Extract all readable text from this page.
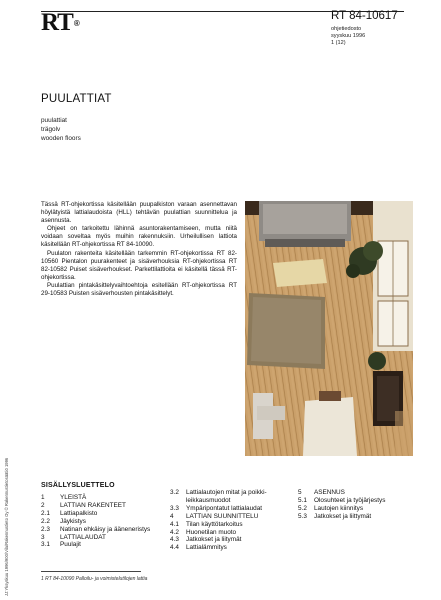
RT®
RT 84-10617
ohjetiedosto
syyskuu 1996
1 (12)
PUULATTIAT
puulattiat
trägolv
wooden floors

Tässä RT-ohjekortissa käsitellään puupalkiston varaan asennettavan höylätyistä lattialaudoista (HLL) tehtävän puulattian suunnittelua ja asennusta.

Ohjeet on tarkoitettu lähinnä asuntorakentamiseen, mutta niitä voidaan soveltaa myös muihin rakennuksiin. Urheilullisen lattiota käsitellään RT-ohjekortissa RT 84-10090.

Puulaton rakenteita käsitellään tarkemmin RT-ohjekortissa RT 82-10560 Pientalon puurakenteet ja sisäverhouksia RT-ohjekortissa RT 82-10582 Puiset sisäverhoukset. Parkettilattioita ei käsitellä tässä RT-ohjekortissa.

Puulattian pintakäsittelyvaihtoehtoja esitellään RT-ohjekortissa RT 29-10583 Puisten sisäverhousten pintakäsittelyt.

SISÄLLYSLUETTELO
1	YLEISTÄ
2	LATTIAN RAKENTEET
2.1	Lattiapalkisto
2.2	Jäykistys
2.3	Natinan ehkäisy ja ääneneristys
3	LATTIALAUDAT
3.1	Puulajit
3.2	Lattialautojen mitat ja poikki-
leikkausmuodot
3.3	Ympäripontatut lattialaudat
4	LATTIAN SUUNNITTELU
4.1	Tilan käyttötarkoitus
4.2	Huonetilan muoto
4.3	Jatkokset ja liitymät
4.4	Lattialämmitys
5	ASENNUS
5.1	Olosuhteet ja työjärjestys
5.2	Lautojen kiinnitys
5.3	Jatkokset ja liittymät
1 RT 84-10090 Palloilu- ja voimistelutilojen lattia
JJ:Yksyskuu 1996/900/Vila/Rakennustieto Oy © Rakennustietosäätiö 1996
